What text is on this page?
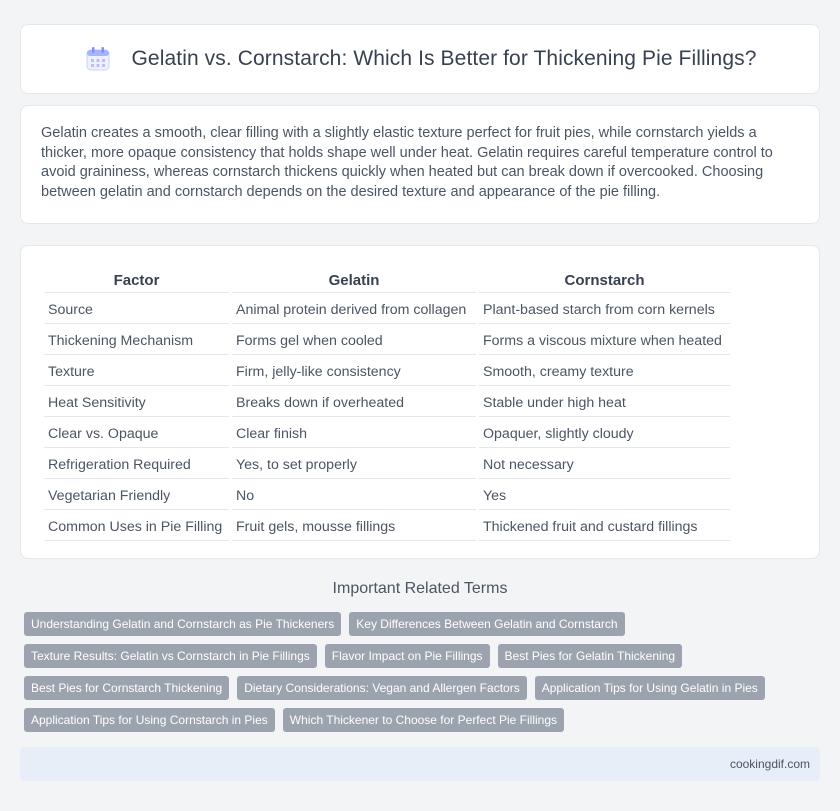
Gelatin vs. Cornstarch: Which Is Better for Thickening Pie Fillings?

Gelatin creates a smooth, clear filling with a slightly elastic texture perfect for fruit pies, while cornstarch yields a thicker, more opaque consistency that holds shape well under heat. Gelatin requires careful temperature control to avoid graininess, whereas cornstarch thickens quickly when heated but can break down if overcooked. Choosing between gelatin and cornstarch depends on the desired texture and appearance of the pie filling.

Factor	Gelatin	Cornstarch
Source	Animal protein derived from collagen	Plant-based starch from corn kernels
Thickening Mechanism	Forms gel when cooled	Forms a viscous mixture when heated
Texture	Firm, jelly-like consistency	Smooth, creamy texture
Heat Sensitivity	Breaks down if overheated	Stable under high heat
Clear vs. Opaque	Clear finish	Opaquer, slightly cloudy
Refrigeration Required	Yes, to set properly	Not necessary
Vegetarian Friendly	No	Yes
Common Uses in Pie Filling	Fruit gels, mousse fillings	Thickened fruit and custard fillings
Important Related Terms
Understanding Gelatin and Cornstarch as Pie Thickeners	Key Differences Between Gelatin and Cornstarch
Texture Results: Gelatin vs Cornstarch in Pie Fillings	Flavor Impact on Pie Fillings	Best Pies for Gelatin Thickening
Best Pies for Cornstarch Thickening	Dietary Considerations: Vegan and Allergen Factors	Application Tips for Using Gelatin in Pies
Application Tips for Using Cornstarch in Pies	Which Thickener to Choose for Perfect Pie Fillings
cookingdif.com
